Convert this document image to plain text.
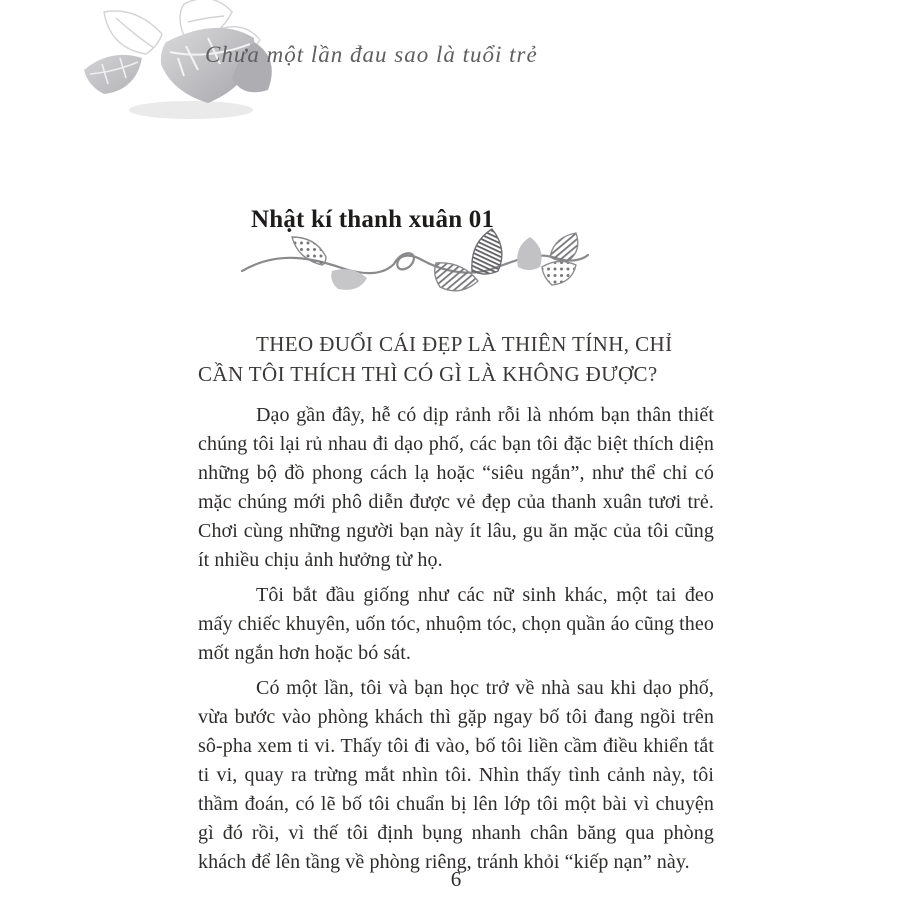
Chưa một lần đau sao là tuổi trẻ
Nhật kí thanh xuân 01
THEO ĐUỔI CÁI ĐẸP LÀ THIÊN TÍNH, CHỈ CẦN TÔI THÍCH THÌ CÓ GÌ LÀ KHÔNG ĐƯỢC?

Dạo gần đây, hễ có dịp rảnh rỗi là nhóm bạn thân thiết chúng tôi lại rủ nhau đi dạo phố, các bạn tôi đặc biệt thích diện những bộ đồ phong cách lạ hoặc “siêu ngắn”, như thể chỉ có mặc chúng mới phô diễn được vẻ đẹp của thanh xuân tươi trẻ. Chơi cùng những người bạn này ít lâu, gu ăn mặc của tôi cũng ít nhiều chịu ảnh hưởng từ họ.

Tôi bắt đầu giống như các nữ sinh khác, một tai đeo mấy chiếc khuyên, uốn tóc, nhuộm tóc, chọn quần áo cũng theo mốt ngắn hơn hoặc bó sát.

Có một lần, tôi và bạn học trở về nhà sau khi dạo phố, vừa bước vào phòng khách thì gặp ngay bố tôi đang ngồi trên sô-pha xem ti vi. Thấy tôi đi vào, bố tôi liền cầm điều khiển tắt ti vi, quay ra trừng mắt nhìn tôi. Nhìn thấy tình cảnh này, tôi thầm đoán, có lẽ bố tôi chuẩn bị lên lớp tôi một bài vì chuyện gì đó rồi, vì thế tôi định bụng nhanh chân băng qua phòng khách để lên tầng về phòng riêng, tránh khỏi “kiếp nạn” này.

6
